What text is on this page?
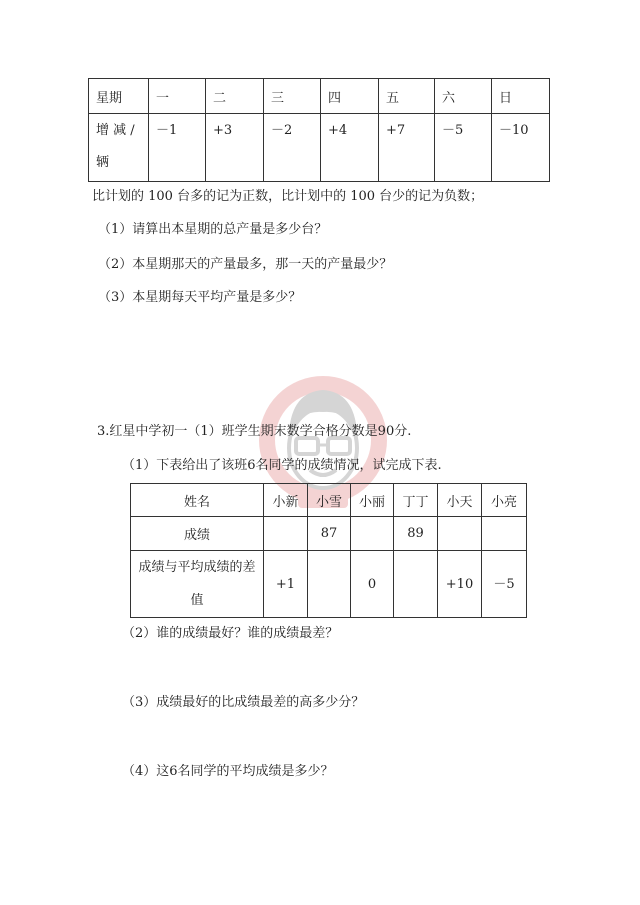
星期	一	二	三	四	五	六	日
增 减 /
辆	－1	+3	－2	+4	+7	－5	－10
比计划的 100 台多的记为正数，比计划中的 100 台少的记为负数；
（1）请算出本星期的总产量是多少台？
（2）本星期那天的产量最多，那一天的产量最少？
（3）本星期每天平均产量是多少？
3.红星中学初一（1）班学生期末数学合格分数是90分.
（1）下表给出了该班6名同学的成绩情况，试完成下表.
姓名	小新	小雪	小丽	丁丁	小天	小亮
成绩		87		89		
成绩与平均成绩的差
值	+1		0		+10	－5
（2）谁的成绩最好？谁的成绩最差？
（3）成绩最好的比成绩最差的高多少分？
（4）这6名同学的平均成绩是多少？
